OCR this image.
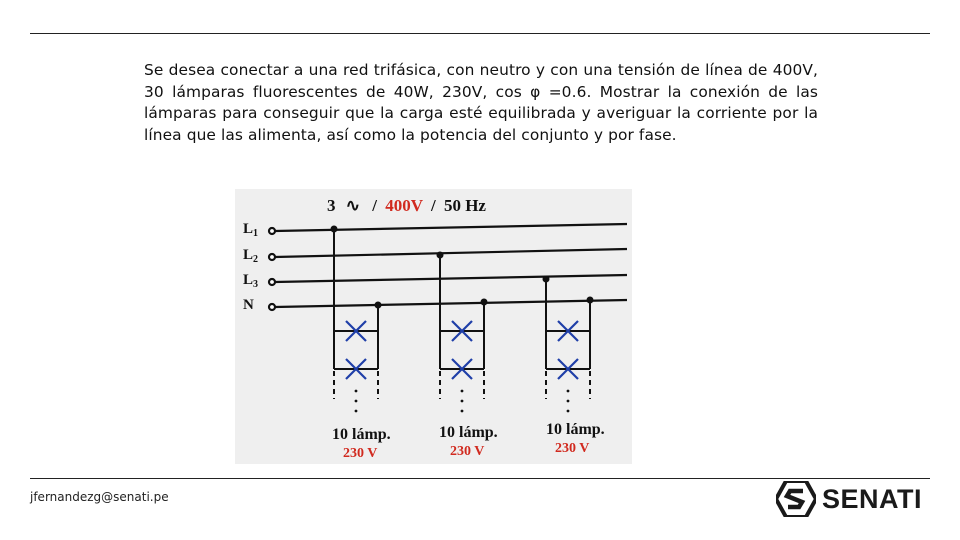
Se desea conectar a una red trifásica, con neutro y con una tensión de línea de 400V, 30 lámparas fluorescentes de 40W, 230V, cos φ =0.6. Mostrar la conexión de las lámparas para conseguir que la carga esté equilibrada y averiguar la corriente por la línea que las alimenta, así como la potencia del conjunto y por fase.

3 ∿ / 400V / 50 Hz
$L_1$
$L_2$
$L_3$
N
10 lámp.
230 V
10 lámp.
230 V
10 lámp.
230 V
jfernandezg@senati.pe	SENATI
